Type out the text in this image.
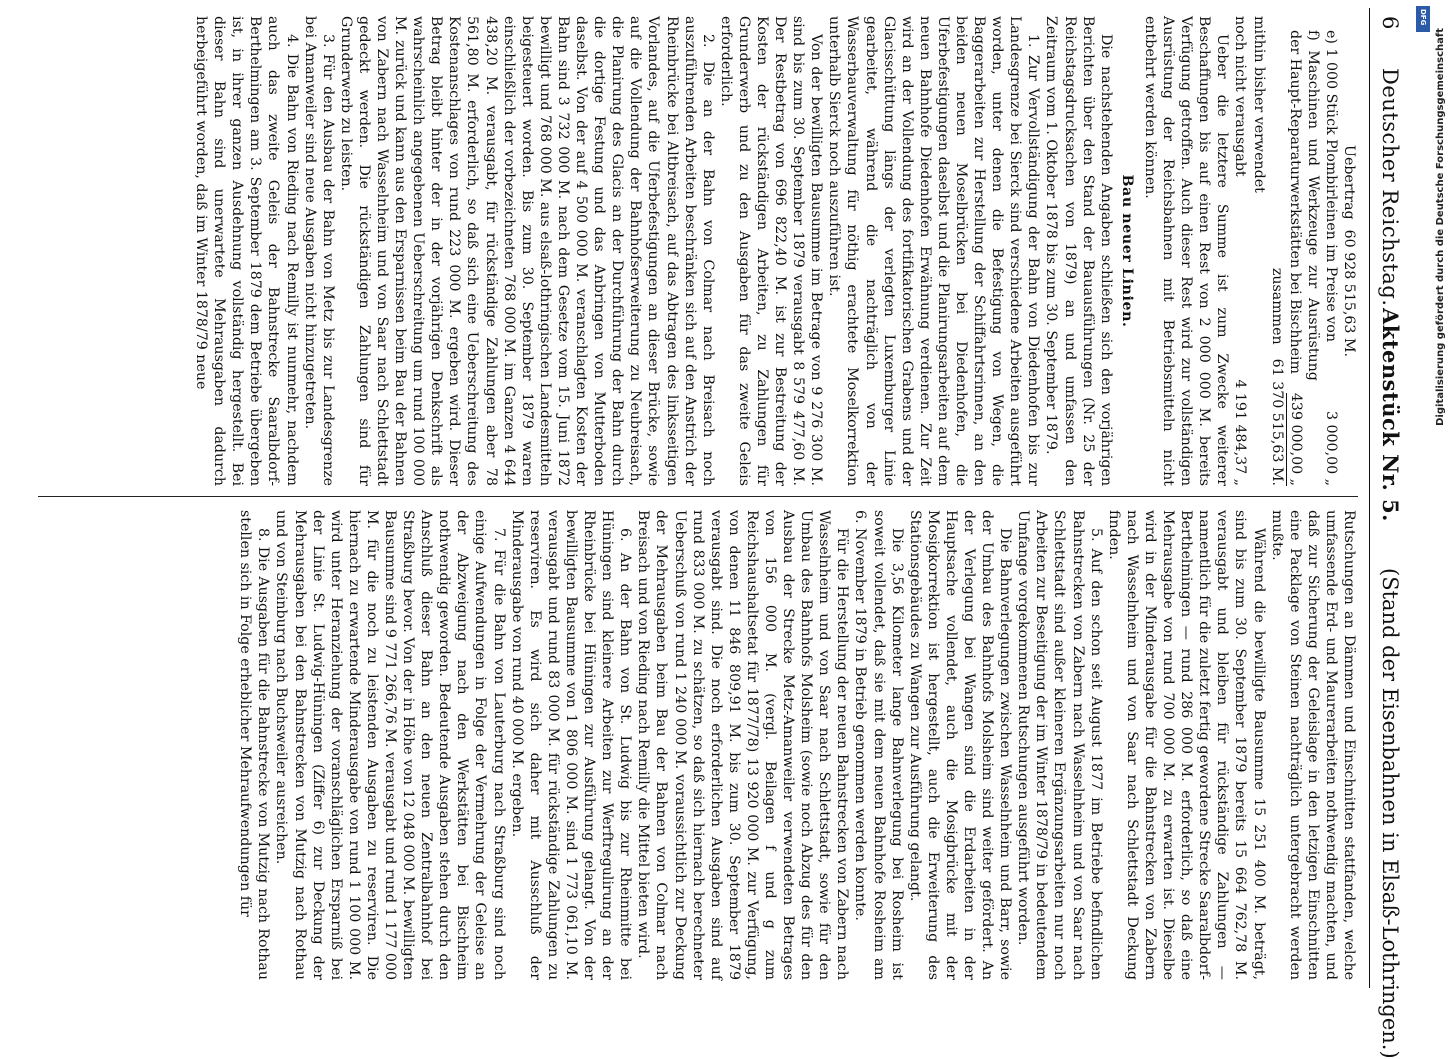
6
Deutscher Reichstag.
Aktenstück Nr. 5.
(Stand der Eisenbahnen in Elsaß-Lothringen.)
Uebertrag
60 928 515,63 M.
e) 1 000 Stück Plombirleinen im Preise von
3 000,00 „
f) Maschinen und Werkzeuge zur Ausrüstung der Haupt-Reparaturwerkstätten bei Bischheim
439 000,00 „
zusammen
61 370 515,63 M.
mithin bisher verwendet
noch nicht verausgabt
4 191 484,37 „

Ueber die letztere Summe ist zum Zwecke weiterer Beschaffungen bis auf einen Rest von 2 000 000 M. bereits Verfügung getroffen. Auch dieser Rest wird zur vollständigen Ausrüstung der Reichsbahnen mit Betriebsmitteln nicht entbehrt werden können.

Bau neuer Linien.

Die nachstehenden Angaben schließen sich den vorjährigen Berichten über den Stand der Bauausführungen (Nr. 25 der Reichstagsdrucksachen von 1879) an und umfassen den Zeitraum vom 1. Oktober 1878 bis zum 30. September 1879.

1. Zur Vervollständigung der Bahn von Diedenhofen bis zur Landesgrenze bei Sierck sind verschiedene Arbeiten ausgeführt worden, unter denen die Befestigung von Wegen, die Baggerarbeiten zur Herstellung der Schiffahrtsrinnen, an den beiden neuen Moselbrücken bei Diedenhofen, die Uferbefestigungen daselbst und die Planirungsarbeiten auf dem neuen Bahnhofe Diedenhofen Erwähnung verdienen. Zur Zeit wird an der Vollendung des fortifikatorischen Grabens und der Glacisschüttung längs der verlegten Luxemburger Linie gearbeitet, während die nachträglich von der Wasserbauverwaltung für nöthig erachtete Moselkorrektion unterhalb Sierck noch auszuführen ist.

Von der bewilligten Bausumme im Betrage von 9 276 300 M. sind bis zum 30. September 1879 verausgabt 8 579 477,60 M. Der Restbetrag von 696 822,40 M. ist zur Bestreitung der Kosten der rückständigen Arbeiten, zu Zahlungen für Grunderwerb und zu den Ausgaben für das zweite Geleis erforderlich.

2. Die an der Bahn von Colmar nach Breisach noch auszuführenden Arbeiten beschränken sich auf den Anstrich der Rheinbrücke bei Altbreisach, auf das Abtragen des linksseitigen Vorlandes, auf die Uferbefestigungen an dieser Brücke, sowie auf die Vollendung der Bahnhofserweiterung zu Neubreisach, die Planirung des Glacis an der Durchführung der Bahn durch die dortige Festung und das Anbringen von Mutterboden daselbst. Von der auf 4 500 000 M. veranschlagten Kosten der Bahn sind 3 732 000 M. nach dem Gesetze vom 15. Juni 1872 bewilligt und 768 000 M. aus elsaß-lothringischen Landesmitteln beigesteuert worden. Bis zum 30. September 1879 waren einschließlich der vorbezeichneten 768 000 M. im Ganzen 4 644 438,20 M. verausgabt, für rückständige Zahlungen aber 78 561,80 M. erforderlich, so daß sich eine Ueberschreitung des Kostenanschlages von rund 223 000 M. ergeben wird. Dieser Betrag bleibt hinter der in der vorjährigen Denkschrift als wahrscheinlich angegebenen Ueberschreitung um rund 100 000 M. zurück und kann aus den Ersparnissen beim Bau der Bahnen von Zabern nach Wasselnheim und von Saar nach Schlettstadt gedeckt werden. Die rückständigen Zahlungen sind für Grunderwerb zu leisten.

3. Für den Ausbau der Bahn von Metz bis zur Landesgrenze bei Amanweiler sind neue Ausgaben nicht hinzugetreten.

4. Die Bahn von Rieding nach Remilly ist nunmehr, nachdem auch das zweite Geleis der Bahnstrecke Saaralbdorf-Berthelmingen am 3. September 1879 dem Betriebe übergeben ist, in ihrer ganzen Ausdehnung vollständig hergestellt. Bei dieser Bahn sind unerwartete Mehrausgaben dadurch herbeigeführt worden, daß im Winter 1878/79 neue

Rutschungen an Dämmen und Einschnitten stattfanden, welche umfassende Erd- und Maurerarbeiten nothwendig machten, und daß zur Sicherung der Geleislage in den letzigen Einschnitten eine Packlage von Steinen nachträglich untergebracht werden mußte.

Während die bewilligte Bausumme 15 251 400 M. beträgt, sind bis zum 30. September 1879 bereits 15 664 762,78 M. verausgabt und bleiben für rückständige Zahlungen — namentlich für die zuletzt fertig gewordene Strecke Saaralbdorf-Berthelmingen — rund 286 000 M. erforderlich, so daß eine Mehrausgabe von rund 700 000 M. zu erwarten ist. Dieselbe wird in der Minderausgabe für die Bahnstrecken von Zabern nach Wasselnheim und von Saar nach Schlettstadt Deckung finden.

5. Auf den schon seit August 1877 im Betriebe befindlichen Bahnstrecken von Zabern nach Wasselnheim und von Saar nach Schlettstadt sind außer kleineren Ergänzungsarbeiten nur noch Arbeiten zur Beseitigung der im Winter 1878/79 in bedeutendem Umfange vorgekommenen Rutschungen ausgeführt worden.

Die Bahnverlegungen zwischen Wasselnheim und Barr, sowie der Umbau des Bahnhofs Molsheim sind weiter gefördert. An der Verlegung bei Wangen sind die Erdarbeiten in der Hauptsache vollendet, auch die Mosigbrücke mit der Mosigkorrektion ist hergestellt, auch die Erweiterung des Stationsgebäudes zu Wangen zur Ausführung gelangt.

Die 3,56 Kilometer lange Bahnverlegung bei Rosheim ist soweit vollendet, daß sie mit dem neuen Bahnhofe Rosheim am 6. November 1879 in Betrieb genommen werden konnte.

Für die Herstellung der neuen Bahnstrecken von Zabern nach Wasselnheim und von Saar nach Schlettstadt, sowie für den Umbau des Bahnhofs Molsheim (sowie noch Abzug des für den Ausbau der Strecke Metz-Amanweiler verwendeten Betrages von 156 000 M. (vergl. Beilagen f und g zum Reichshaushaltsetat für 1877/78) 13 920 000 M. zur Verfügung, von denen 11 846 809,91 M. bis zum 30. September 1879 verausgabt sind. Die noch erforderlichen Ausgaben sind auf rund 833 000 M. zu schätzen, so daß sich hiernach berechneter Ueberschuß von rund 1 240 000 M. voraussichtlich zur Deckung der Mehrausgaben beim Bau der Bahnen von Colmar nach Breisach und von Rieding nach Remilly die Mittel bieten wird.

6. An der Bahn von St. Ludwig bis zur Rheinmitte bei Hüningen sind kleinere Arbeiten zur Werftregulirung an der Rheinbrücke bei Hüningen zur Ausführung gelangt. Von der bewilligten Bausumme von 1 806 000 M. sind 1 773 061,10 M. verausgabt und rund 83 000 M. für rückständige Zahlungen zu reserviren. Es wird sich daher mit Ausschluß der Minderausgabe von rund 40 000 M. ergeben.

7. Für die Bahn von Lauterburg nach Straßburg sind noch einige Aufwendungen in Folge der Vermehrung der Geleise an der Abzweigung nach den Werkstätten bei Bischheim nothwendig geworden. Bedeutende Ausgaben stehen durch den Anschluß dieser Bahn an den neuen Zentralbahnhof bei Straßburg bevor. Von der in Höhe von 12 048 000 M. bewilligten Bausumme sind 9 771 266,76 M. verausgabt und rund 1 177 000 M. für die noch zu leistenden Ausgaben zu reserviren. Die hiernach zu erwartende Minderausgabe von rund 1 100 000 M. wird unter Heranziehung der voranschläglichen Ersparniß bei der Linie St. Ludwig-Hüningen (Ziffer 6) zur Deckung der Mehrausgaben bei den Bahnstrecken von Mutzig nach Rothau und von Steinburg nach Buchsweiler ausreichen.

8. Die Ausgaben für die Bahnstrecke von Mutzig nach Rothau stellen sich in Folge erheblicher Mehraufwendungen für

Digitalisierung gefördert durch die Deutsche Forschungsgemeinschaft
DFG
